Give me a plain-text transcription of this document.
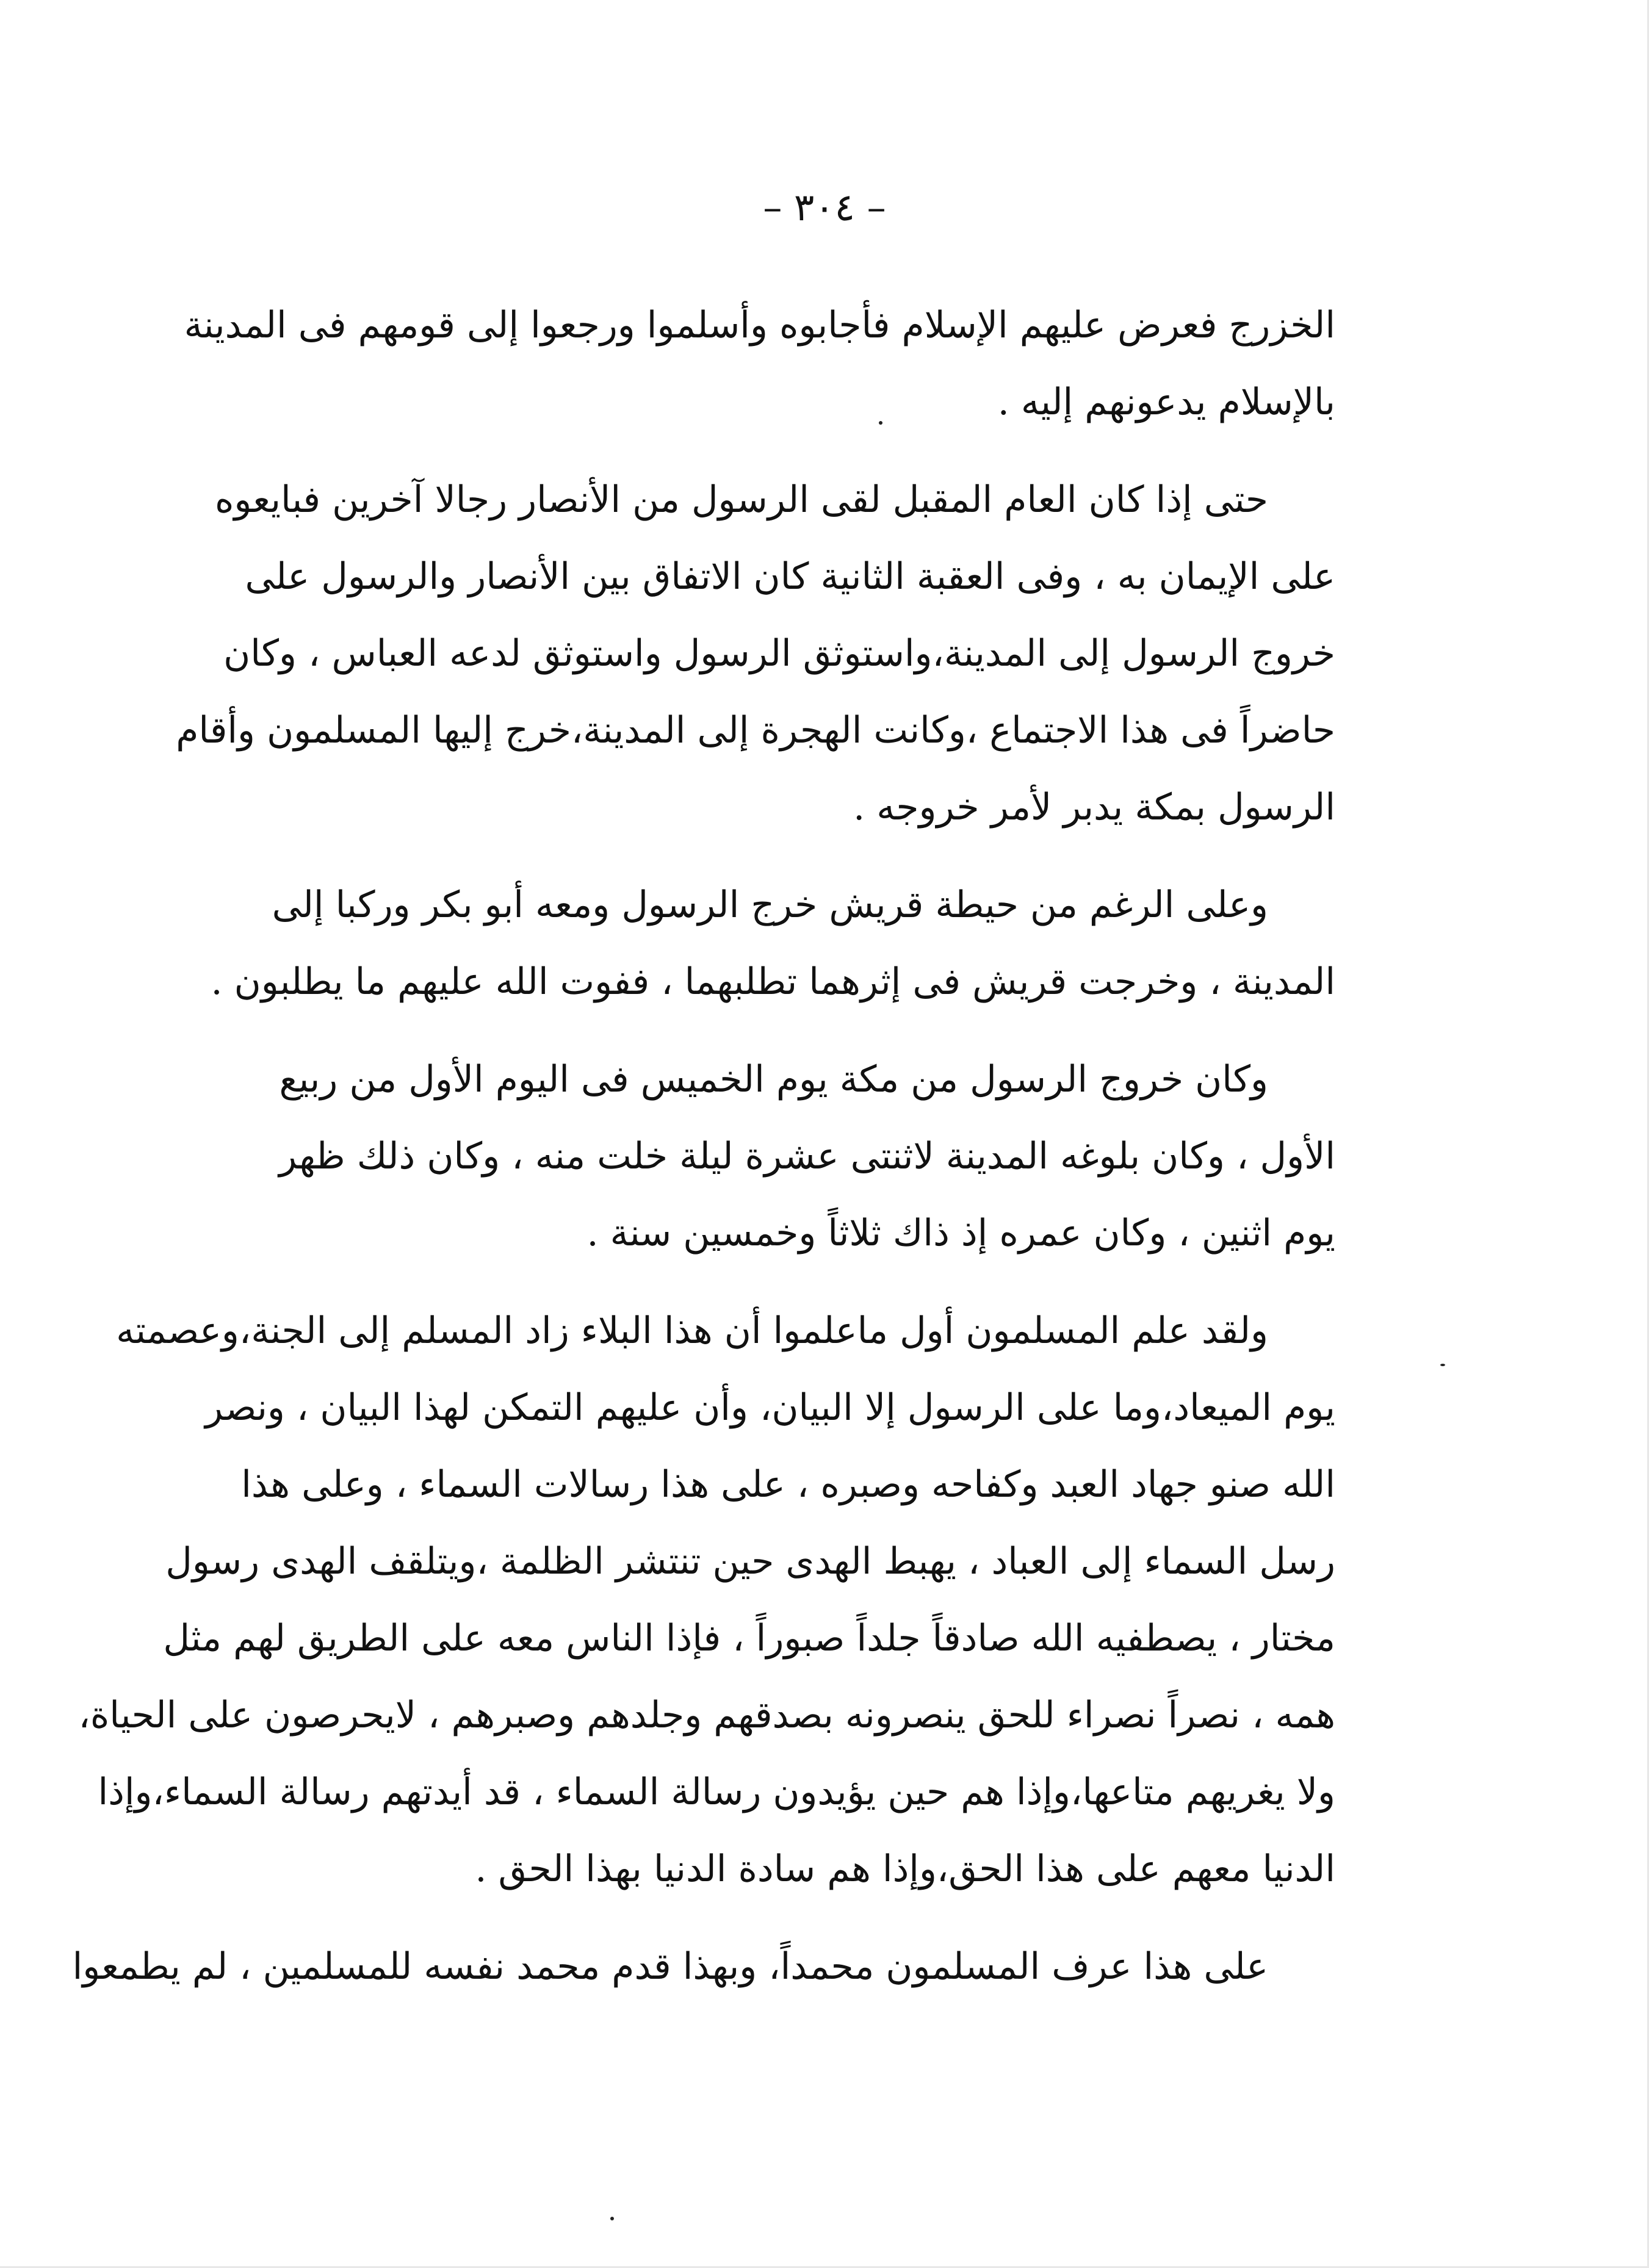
– ٣٠٤ –
الخزرج فعرض عليهم الإسلام فأجابوه وأسلموا ورجعوا إلى قومهم فى المدينة
بالإسلام يدعونهم إليه .
حتى إذا كان العام المقبل لقى الرسول من الأنصار رجالا آخرين فبايعوه
على الإيمان به ، وفى العقبة الثانية كان الاتفاق بين الأنصار والرسول على
خروج الرسول إلى المدينة،واستوثق الرسول واستوثق لدعه العباس ، وكان
حاضراً فى هذا الاجتماع ،وكانت الهجرة إلى المدينة،خرج إليها المسلمون وأقام
الرسول بمكة يدبر لأمر خروجه .
وعلى الرغم من حيطة قريش خرج الرسول ومعه أبو بكر وركبا إلى
المدينة ، وخرجت قريش فى إثرهما تطلبهما ، ففوت الله عليهم ما يطلبون .
وكان خروج الرسول من مكة يوم الخميس فى اليوم الأول من ربيع
الأول ، وكان بلوغه المدينة لاثنتى عشرة ليلة خلت منه ، وكان ذلك ظهر
يوم اثنين ، وكان عمره إذ ذاك ثلاثاً وخمسين سنة .
ولقد علم المسلمون أول ماعلموا أن هذا البلاء زاد المسلم إلى الجنة،وعصمته
يوم الميعاد،وما على الرسول إلا البيان، وأن عليهم التمكن لهذا البيان ، ونصر
الله صنو جهاد العبد وكفاحه وصبره ، على هذا رسالات السماء ، وعلى هذا
رسل السماء إلى العباد ، يهبط الهدى حين تنتشر الظلمة ،ويتلقف الهدى رسول
مختار ، يصطفيه الله صادقاً جلداً صبوراً ، فإذا الناس معه على الطريق لهم مثل
همه ، نصراً نصراء للحق ينصرونه بصدقهم وجلدهم وصبرهم ، لايحرصون على الحياة،
ولا يغريهم متاعها،وإذا هم حين يؤيدون رسالة السماء ، قد أيدتهم رسالة السماء،وإذا
الدنيا معهم على هذا الحق،وإذا هم سادة الدنيا بهذا الحق .
على هذا عرف المسلمون محمداً، وبهذا قدم محمد نفسه للمسلمين ، لم يطمعوا
